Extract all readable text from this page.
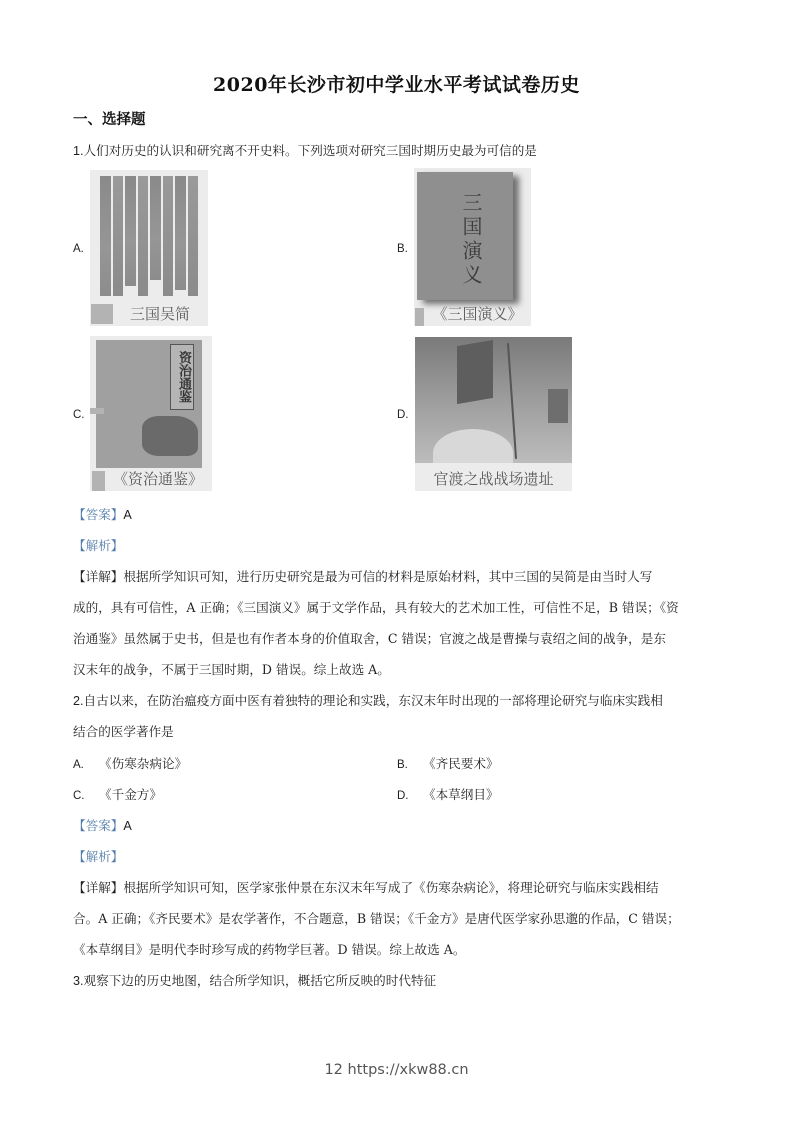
2020年长沙市初中学业水平考试试卷历史
一、选择题
1.人们对历史的认识和研究离不开史料。下列选项对研究三国时期历史最为可信的是
A.
三国吴简
B.	三国演义
《三国演义》
C.
资治通鉴
《资治通鉴》
D.
官渡之战战场遗址
【答案】A
【解析】
【详解】根据所学知识可知，进行历史研究是最为可信的材料是原始材料，其中三国的吴简是由当时人写
成的，具有可信性，A 正确；《三国演义》属于文学作品，具有较大的艺术加工性，可信性不足，B 错误；《资
治通鉴》虽然属于史书，但是也有作者本身的价值取舍，C 错误；官渡之战是曹操与袁绍之间的战争，是东
汉末年的战争，不属于三国时期，D 错误。综上故选 A。
2.自古以来，在防治瘟疫方面中医有着独特的理论和实践，东汉末年时出现的一部将理论研究与临床实践相
结合的医学著作是
A. 《伤寒杂病论》	B. 《齐民要术》
C. 《千金方》	D. 《本草纲目》
【答案】A
【解析】
【详解】根据所学知识可知，医学家张仲景在东汉末年写成了《伤寒杂病论》，将理论研究与临床实践相结
合。A 正确；《齐民要术》是农学著作，不合题意，B 错误；《千金方》是唐代医学家孙思邈的作品，C 错误；
《本草纲目》是明代李时珍写成的药物学巨著。D 错误。综上故选 A。
3.观察下边的历史地图，结合所学知识，概括它所反映的时代特征
12 https://xkw88.cn
